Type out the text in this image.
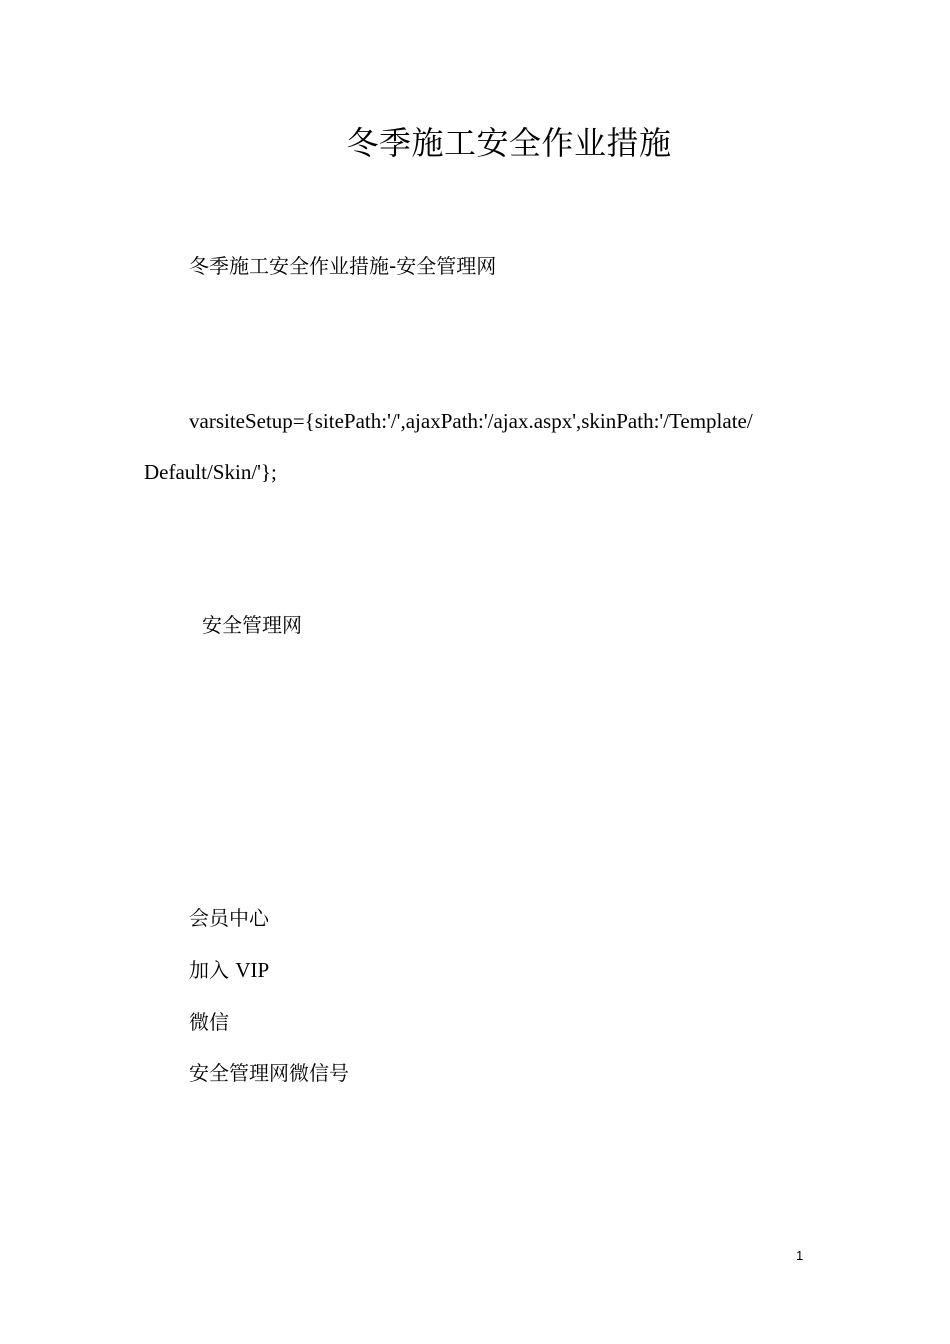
冬季施工安全作业措施
冬季施工安全作业措施-安全管理网
varsiteSetup={sitePath:'/',ajaxPath:'/ajax.aspx',skinPath:'/Template/
Default/Skin/'};
安全管理网
会员中心
加入 VIP
微信
安全管理网微信号
1
